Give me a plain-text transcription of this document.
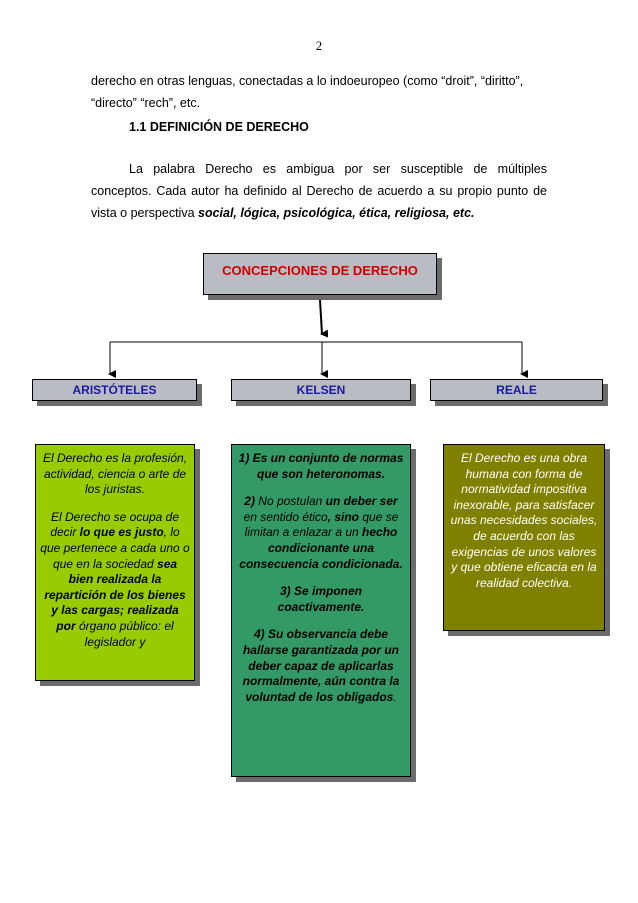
2
derecho en otras lenguas, conectadas a lo indoeuropeo (como “droit”, “diritto”,
“directo” “rech”, etc.
1.1 DEFINICIÓN DE DERECHO
La palabra Derecho es ambigua por ser susceptible de múltiples conceptos. Cada autor ha definido al Derecho de acuerdo a su propio punto de vista o perspectiva social, lógica, psicológica, ética, religiosa, etc.
CONCEPCIONES DE DERECHO
ARISTÓTELES	KELSEN	REALE
El Derecho es la profesión, actividad, ciencia o arte de los juristas.
El Derecho se ocupa de decir lo que es justo, lo que pertenece a cada uno o que en la sociedad sea bien realizada la repartición de los bienes y las cargas; realizada por órgano público: el legislador y
1) Es un conjunto de normas que son heteronomas.
2) No postulan un deber ser en sentido ético, sino que se limitan a enlazar a un hecho condicionante una consecuencia condicionada.
3) Se imponen coactivamente.
4) Su observancia debe hallarse garantizada por un deber capaz de aplicarlas normalmente, aún contra la voluntad de los obligados.
El Derecho es una obra humana con forma de normatividad impositiva inexorable, para satisfacer unas necesidades sociales, de acuerdo con las exigencias de unos valores y que obtiene eficacia en la realidad colectiva.
